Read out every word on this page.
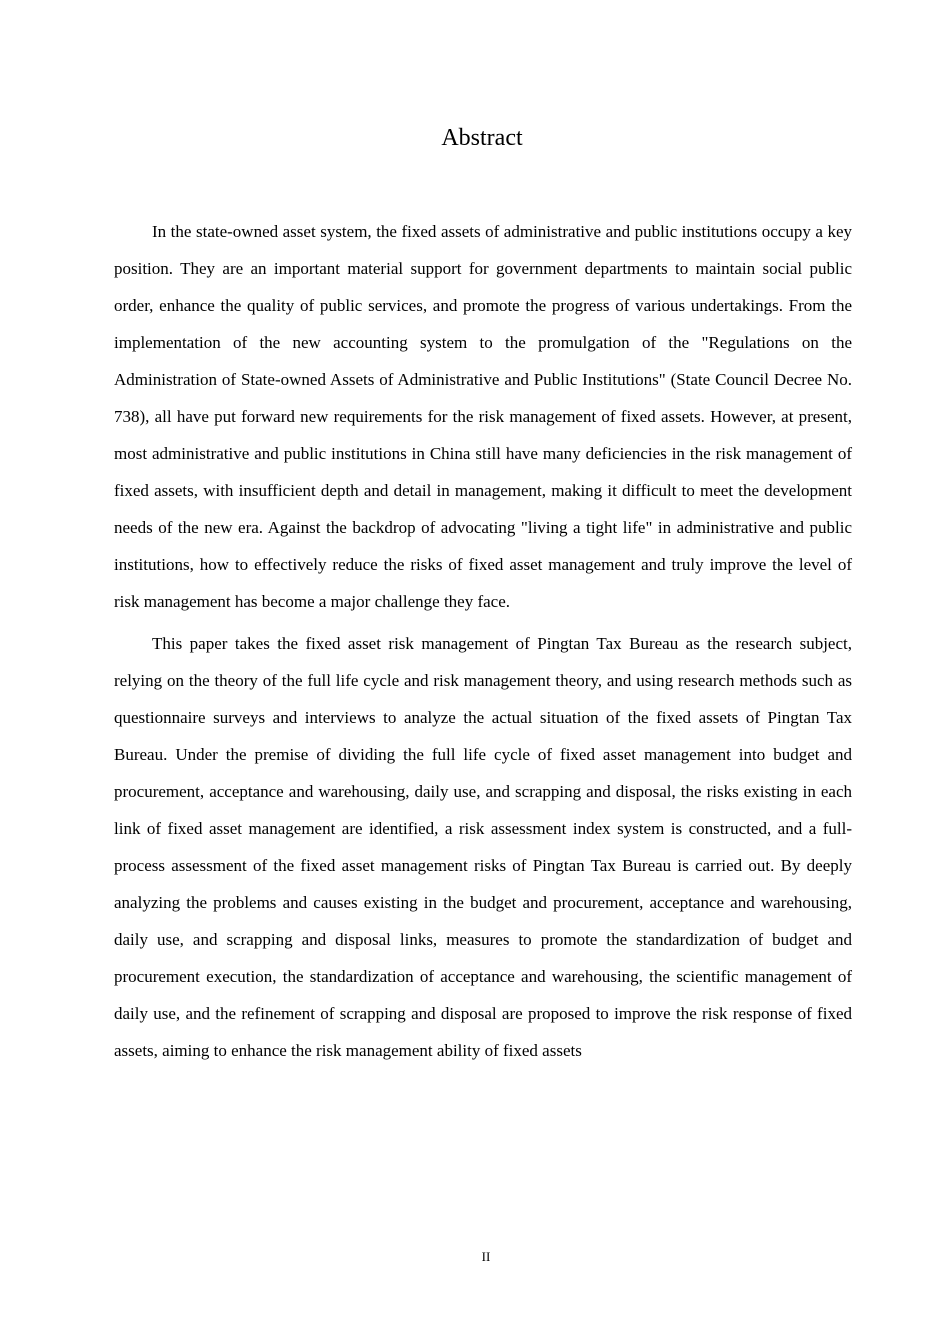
Abstract

In the state-owned asset system, the fixed assets of administrative and public institutions occupy a key position. They are an important material support for government departments to maintain social public order, enhance the quality of public services, and promote the progress of various undertakings. From the implementation of the new accounting system to the promulgation of the "Regulations on the Administration of State-owned Assets of Administrative and Public Institutions" (State Council Decree No. 738), all have put forward new requirements for the risk management of fixed assets. However, at present, most administrative and public institutions in China still have many deficiencies in the risk management of fixed assets, with insufficient depth and detail in management, making it difficult to meet the development needs of the new era. Against the backdrop of advocating "living a tight life" in administrative and public institutions, how to effectively reduce the risks of fixed asset management and truly improve the level of risk management has become a major challenge they face.

This paper takes the fixed asset risk management of Pingtan Tax Bureau as the research subject, relying on the theory of the full life cycle and risk management theory, and using research methods such as questionnaire surveys and interviews to analyze the actual situation of the fixed assets of Pingtan Tax Bureau. Under the premise of dividing the full life cycle of fixed asset management into budget and procurement, acceptance and warehousing, daily use, and scrapping and disposal, the risks existing in each link of fixed asset management are identified, a risk assessment index system is constructed, and a full-process assessment of the fixed asset management risks of Pingtan Tax Bureau is carried out. By deeply analyzing the problems and causes existing in the budget and procurement, acceptance and warehousing, daily use, and scrapping and disposal links, measures to promote the standardization of budget and procurement execution, the standardization of acceptance and warehousing, the scientific management of daily use, and the refinement of scrapping and disposal are proposed to improve the risk response of fixed assets, aiming to enhance the risk management ability of fixed assets

II
